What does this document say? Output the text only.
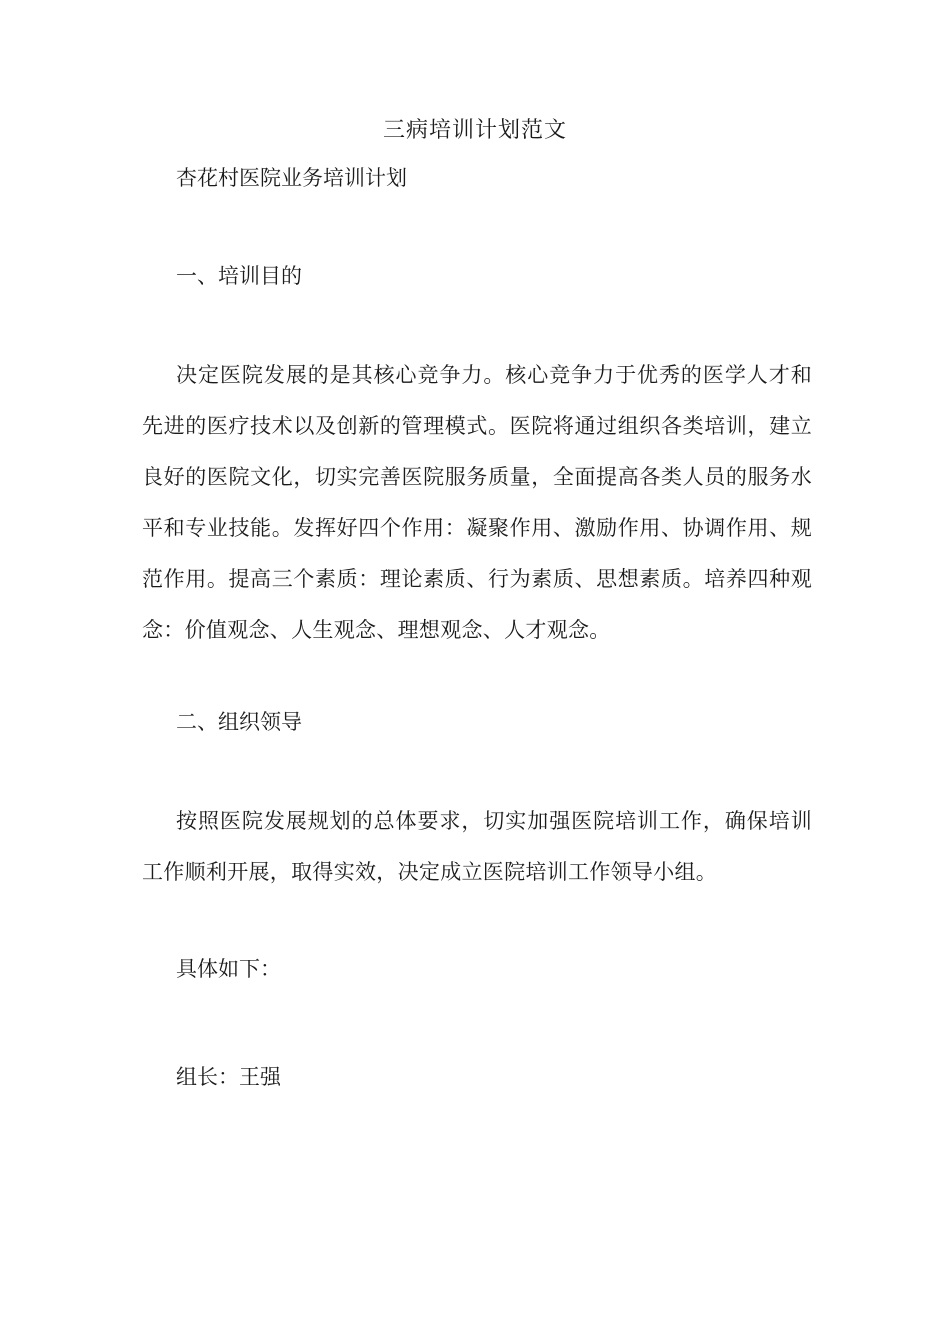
三病培训计划范文
杏花村医院业务培训计划
一、培训目的
决定医院发展的是其核心竞争力。核心竞争力于优秀的医学人才和先进的医疗技术以及创新的管理模式。医院将通过组织各类培训，建立良好的医院文化，切实完善医院服务质量，全面提高各类人员的服务水平和专业技能。发挥好四个作用：凝聚作用、激励作用、协调作用、规范作用。提高三个素质：理论素质、行为素质、思想素质。培养四种观念：价值观念、人生观念、理想观念、人才观念。
二、组织领导
按照医院发展规划的总体要求，切实加强医院培训工作，确保培训工作顺利开展，取得实效，决定成立医院培训工作领导小组。
具体如下：
组长：王强
